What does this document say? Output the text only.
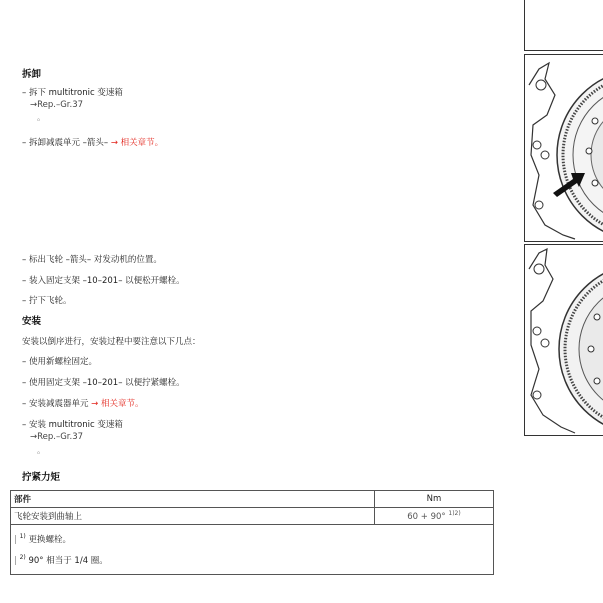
拆卸
– 拆下 multitronic 变速箱
→Rep.–Gr.37
◦
– 拆卸减震单元 –箭头– → 相关章节。
– 标出飞轮 –箭头– 对发动机的位置。
– 装入固定支架 –10–201– 以便松开螺栓。
– 拧下飞轮。
安装
安装以倒序进行，安装过程中要注意以下几点：
– 使用新螺栓固定。
– 使用固定支架 –10–201– 以便拧紧螺栓。
– 安装减震器单元 → 相关章节。
– 安装 multitronic 变速箱
→Rep.–Gr.37
◦
拧紧力矩
部件	Nm
飞轮安装到曲轴上	60 + 90° $^{1)2)}$

| $^{1)}$ 更换螺栓。
| $^{2)}$ 90° 相当于 1/4 圈。	
